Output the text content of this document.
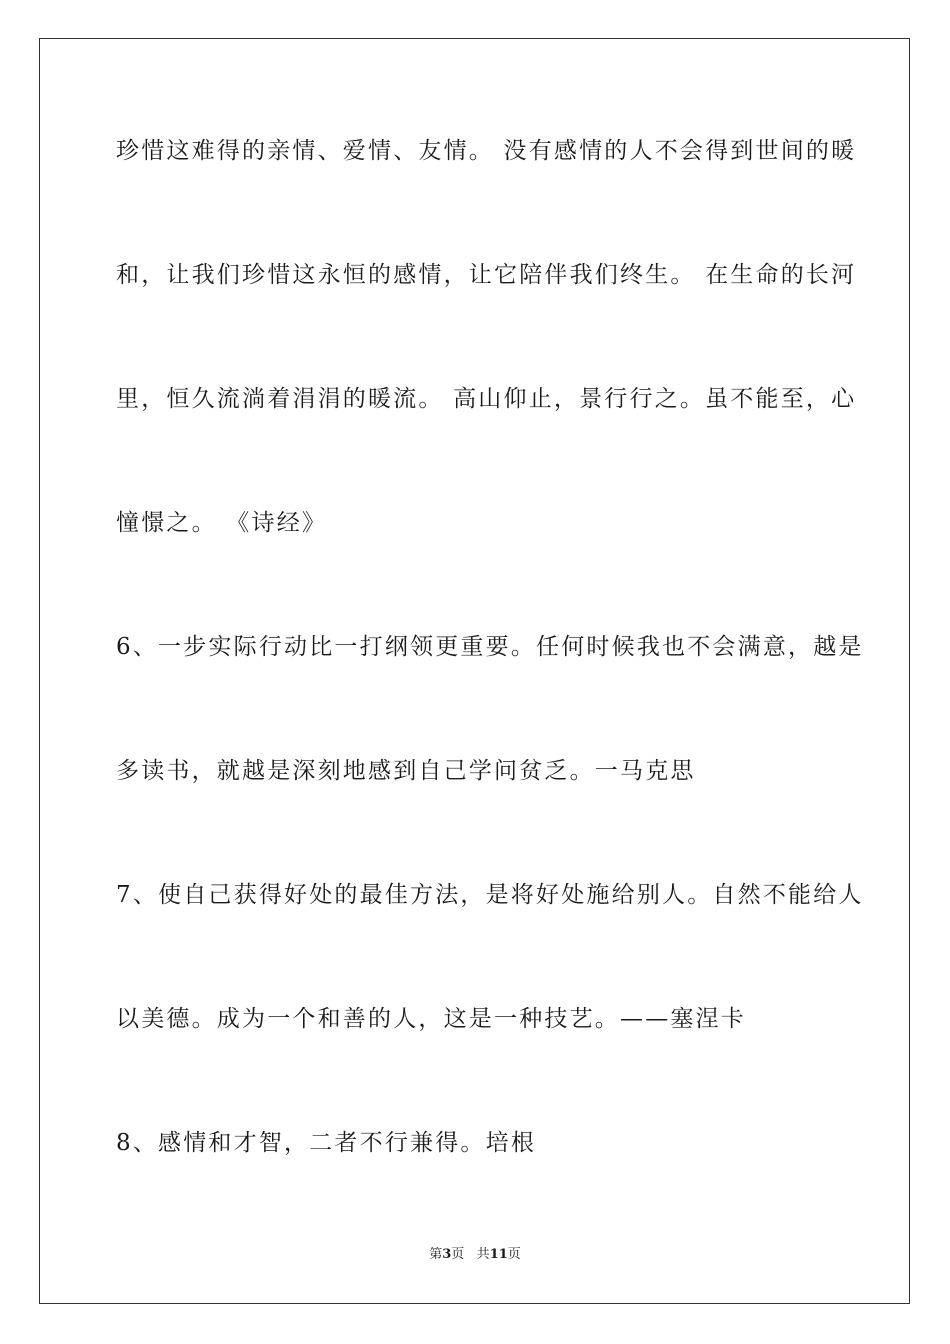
珍惜这难得的亲情、爱情、友情。 没有感情的人不会得到世间的暖
和，让我们珍惜这永恒的感情，让它陪伴我们终生。 在生命的长河
里，恒久流淌着涓涓的暖流。 高山仰止，景行行之。虽不能至，心
憧憬之。 《诗经》
6、一步实际行动比一打纲领更重要。任何时候我也不会满意，越是
多读书，就越是深刻地感到自己学问贫乏。一马克思
7、使自己获得好处的最佳方法，是将好处施给别人。自然不能给人
以美德。成为一个和善的人，这是一种技艺。——塞涅卡
8、感情和才智，二者不行兼得。培根
第3页 共11页
